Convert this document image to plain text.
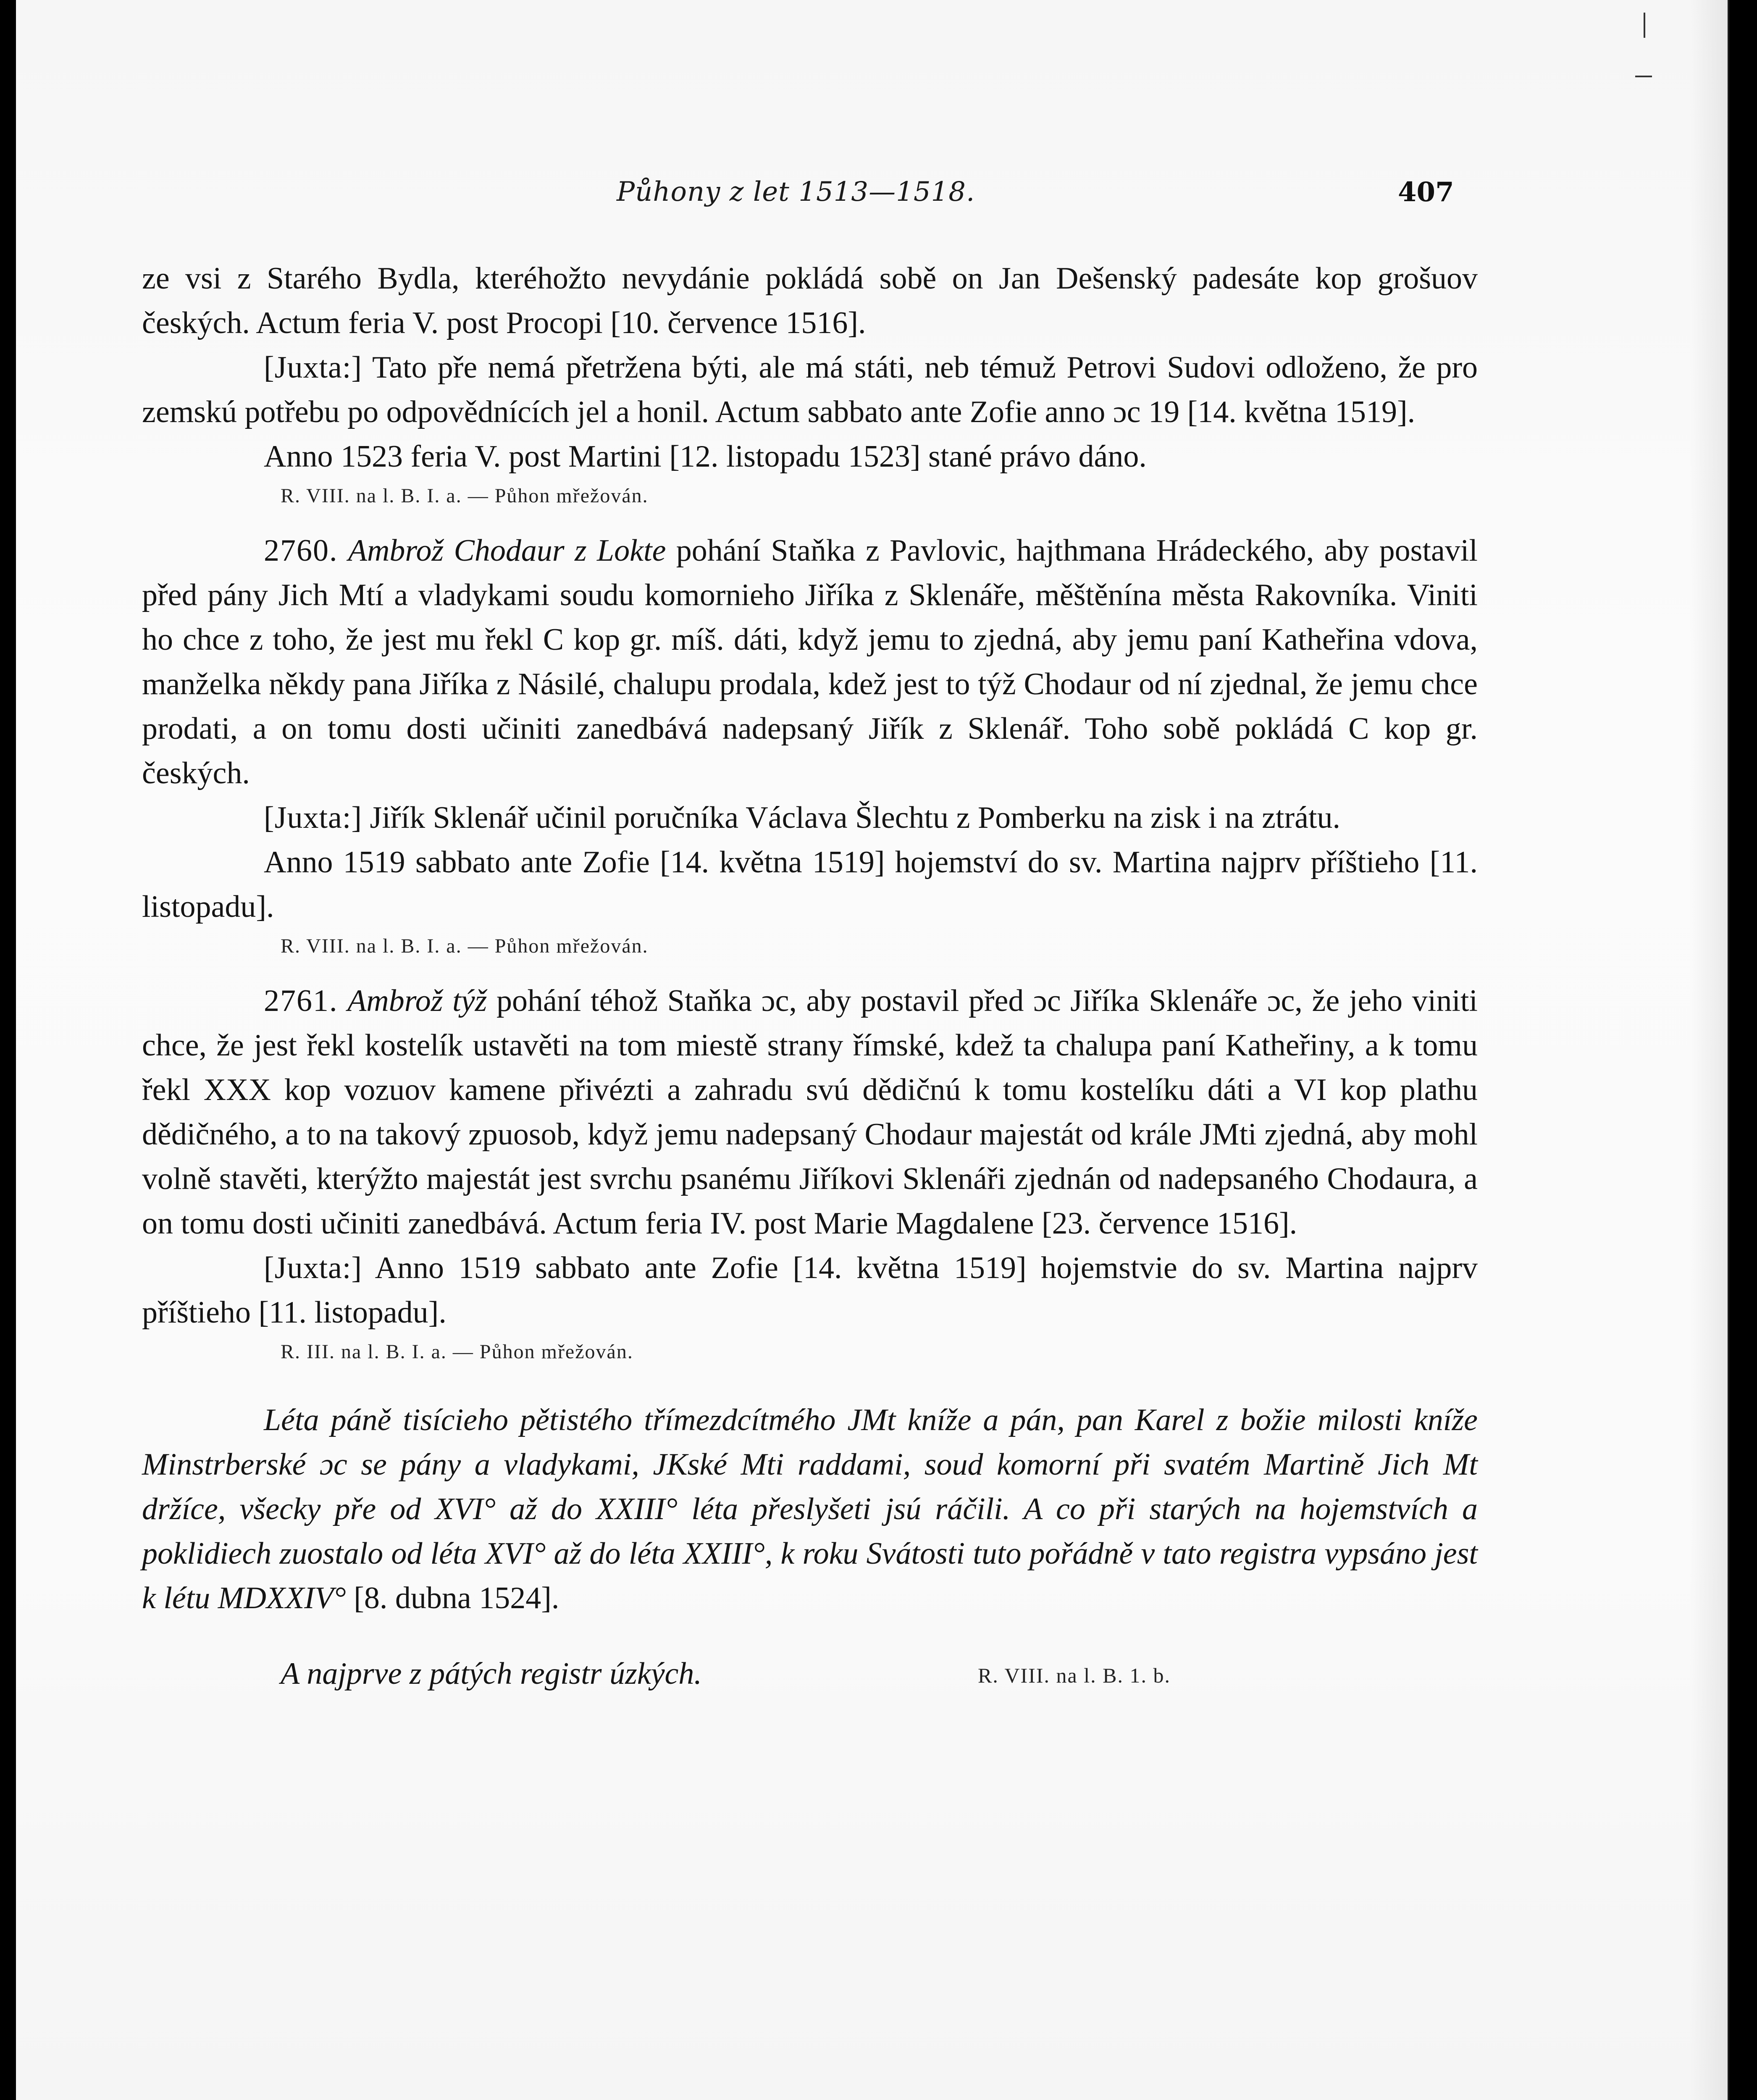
Půhony z let 1513—1518.	407

ze vsi z Starého Bydla, kteréhožto nevydánie pokládá sobě on Jan Dešenský padesáte kop grošuov českých. Actum feria V. post Procopi [10. července 1516].

[Juxta:] Tato pře nemá přetržena býti, ale má státi, neb témuž Petrovi Sudovi odloženo, že pro zemskú potřebu po odpovědnících jel a honil. Actum sabbato ante Zofie anno ɔc 19 [14. května 1519].

Anno 1523 feria V. post Martini [12. listopadu 1523] stané právo dáno.

R. VIII. na l. B. I. a. — Půhon mřežován.

2760. Ambrož Chodaur z Lokte pohání Staňka z Pavlovic, hajthmana Hrádeckého, aby postavil před pány Jich Mtí a vladykami soudu komornieho Jiříka z Sklenáře, měštěnína města Rakovníka. Viniti ho chce z toho, že jest mu řekl C kop gr. míš. dáti, když jemu to zjedná, aby jemu paní Katheřina vdova, manželka někdy pana Jiříka z Násilé, chalupu prodala, kdež jest to týž Chodaur od ní zjednal, že jemu chce prodati, a on tomu dosti učiniti zanedbává nadepsaný Jiřík z Sklenář. Toho sobě pokládá C kop gr. českých.

[Juxta:] Jiřík Sklenář učinil poručníka Václava Šlechtu z Pomberku na zisk i na ztrátu.

Anno 1519 sabbato ante Zofie [14. května 1519] hojemství do sv. Martina najprv příštieho [11. listopadu].

R. VIII. na l. B. I. a. — Půhon mřežován.

2761. Ambrož týž pohání téhož Staňka ɔc, aby postavil před ɔc Jiříka Sklenáře ɔc, že jeho viniti chce, že jest řekl kostelík ustavěti na tom miestě strany římské, kdež ta chalupa paní Katheřiny, a k tomu řekl XXX kop vozuov kamene přivézti a zahradu svú dědičnú k tomu kostelíku dáti a VI kop plathu dědičného, a to na takový zpuosob, když jemu nadepsaný Chodaur majestát od krále JMti zjedná, aby mohl volně stavěti, kterýžto majestát jest svrchu psanému Jiříkovi Sklenáři zjednán od nadepsaného Chodaura, a on tomu dosti učiniti zanedbává. Actum feria IV. post Marie Magdalene [23. července 1516].

[Juxta:] Anno 1519 sabbato ante Zofie [14. května 1519] hojemstvie do sv. Martina najprv příštieho [11. listopadu].

R. III. na l. B. I. a. — Půhon mřežován.

Léta páně tisícieho pětistého třímezdcítmého JMt kníže a pán, pan Karel z božie milosti kníže Minstrberské ɔc se pány a vladykami, JKské Mti raddami, soud komorní při svatém Martině Jich Mt držíce, všecky pře od XVI° až do XXIII° léta přeslyšeti jsú ráčili. A co při starých na hojemstvích a poklidiech zuostalo od léta XVI° až do léta XXIII°, k roku Svátosti tuto pořádně v tato registra vypsáno jest k létu MDXXIV° [8. dubna 1524].

A najprve z pátých registr úzkých.	R. VIII. na l. B. 1. b.
